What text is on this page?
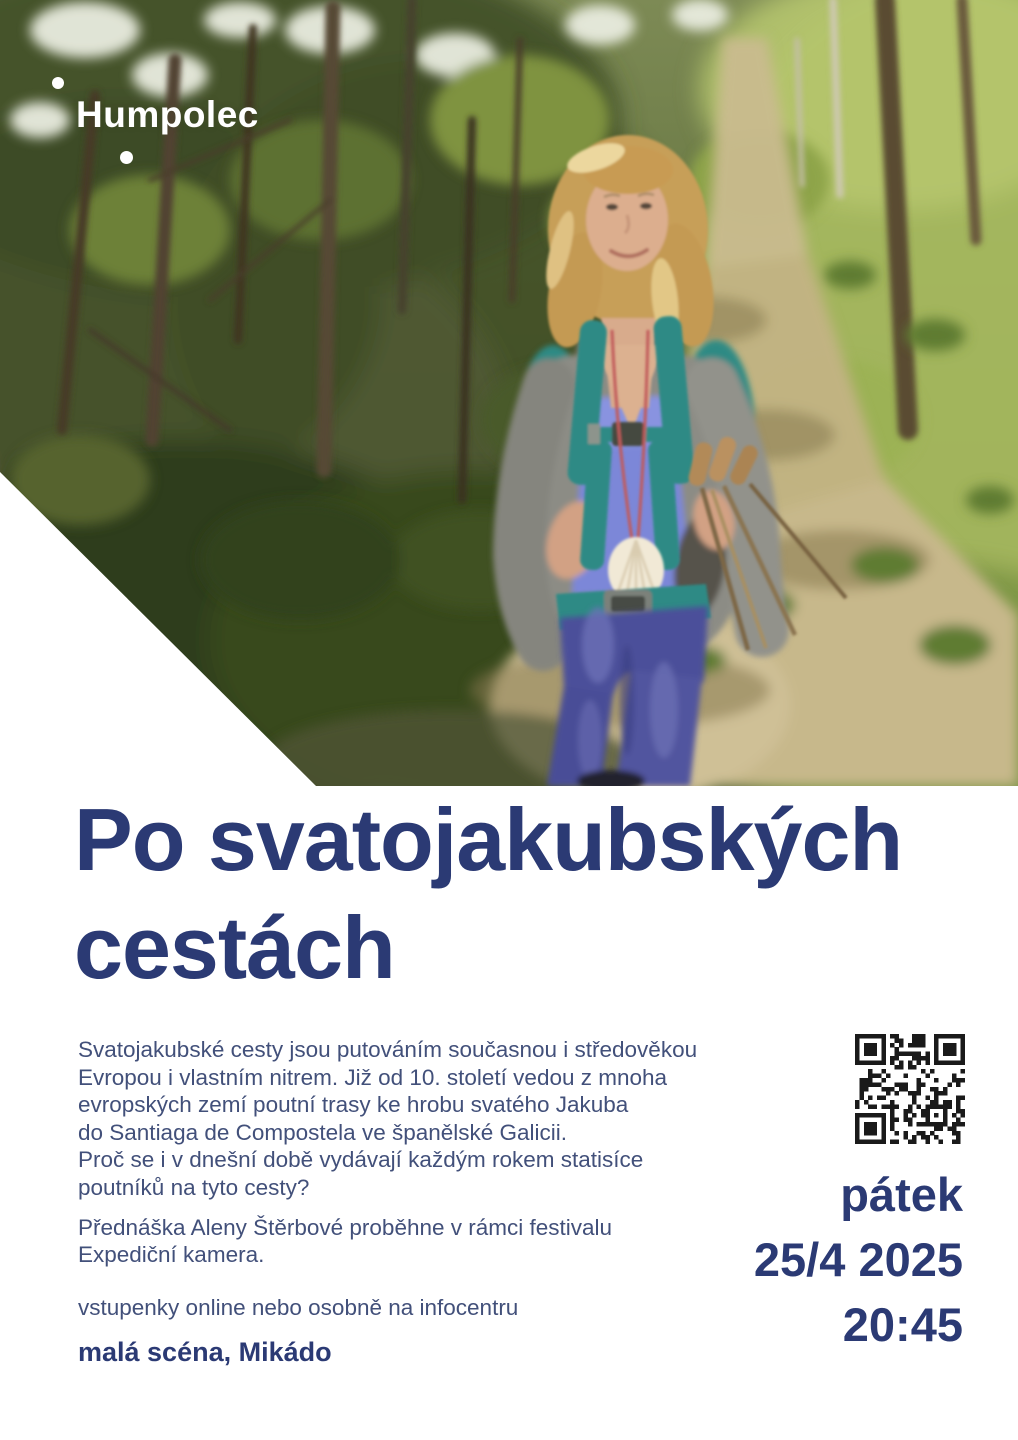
Humpolec
Po svatojakubských
cestách

Svatojakubské cesty jsou putováním současnou i středověkou
Evropou i vlastním nitrem. Již od 10. století vedou z mnoha
evropských zemí poutní trasy ke hrobu svatého Jakuba
do Santiaga de Compostela ve španělské Galicii.
Proč se i v dnešní době vydávají každým rokem statisíce
poutníků na tyto cesty?

Přednáška Aleny Štěrbové proběhne v rámci festivalu
Expediční kamera.

vstupenky online nebo osobně na infocentru

malá scéna, Mikádo

pátek
25/4 2025
20:45
